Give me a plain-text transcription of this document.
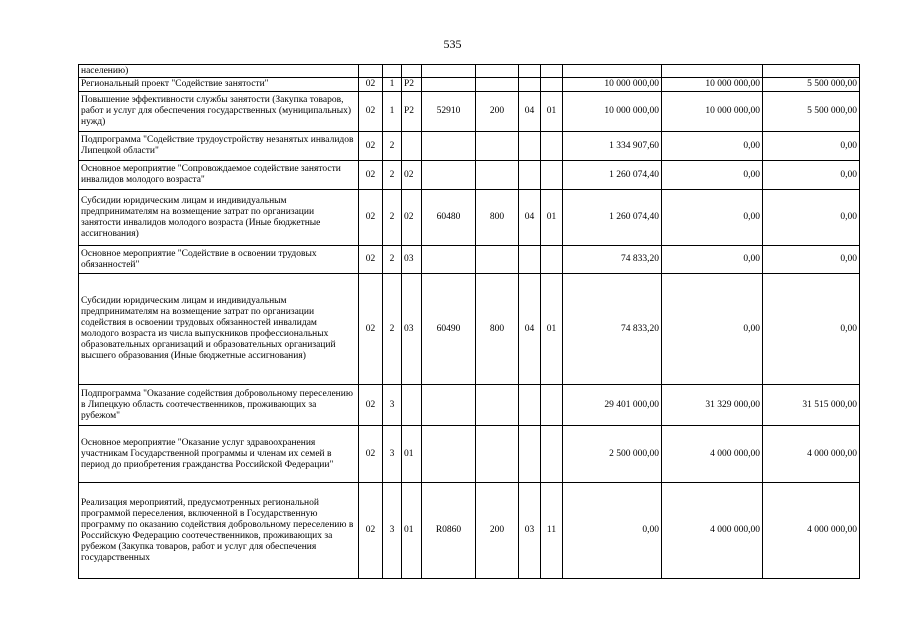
535
населению)										
Региональный проект "Содействие занятости"	02	1	P2					10 000 000,00	10 000 000,00	5 500 000,00
Повышение эффективности службы занятости (Закупка товаров, работ и услуг для обеспечения государственных (муниципальных) нужд)	02	1	P2	52910	200	04	01	10 000 000,00	10 000 000,00	5 500 000,00
Подпрограмма "Содействие трудоустройству незанятых инвалидов Липецкой области"	02	2						1 334 907,60	0,00	0,00
Основное мероприятие "Сопровождаемое содействие занятости инвалидов молодого возраста"	02	2	02					1 260 074,40	0,00	0,00
Субсидии юридическим лицам и индивидуальным предпринимателям на возмещение затрат по организации занятости инвалидов молодого возраста (Иные бюджетные ассигнования)	02	2	02	60480	800	04	01	1 260 074,40	0,00	0,00
Основное мероприятие "Содействие в освоении трудовых обязанностей"	02	2	03					74 833,20	0,00	0,00
Субсидии юридическим лицам и индивидуальным предпринимателям на возмещение затрат по организации содействия в освоении трудовых обязанностей инвалидам молодого возраста из числа выпускников профессиональных образовательных организаций и образовательных организаций высшего образования (Иные бюджетные ассигнования)	02	2	03	60490	800	04	01	74 833,20	0,00	0,00
Подпрограмма "Оказание содействия добровольному переселению в Липецкую область соотечественников, проживающих за рубежом"	02	3						29 401 000,00	31 329 000,00	31 515 000,00
Основное мероприятие "Оказание услуг здравоохранения участникам Государственной программы и членам их семей в период до приобретения гражданства Российской Федерации"	02	3	01					2 500 000,00	4 000 000,00	4 000 000,00
Реализация мероприятий, предусмотренных региональной программой переселения, включенной в Государственную программу по оказанию содействия добровольному переселению в Российскую Федерацию соотечественников, проживающих за рубежом (Закупка товаров, работ и услуг для обеспечения государственных	02	3	01	R0860	200	03	11	0,00	4 000 000,00	4 000 000,00
